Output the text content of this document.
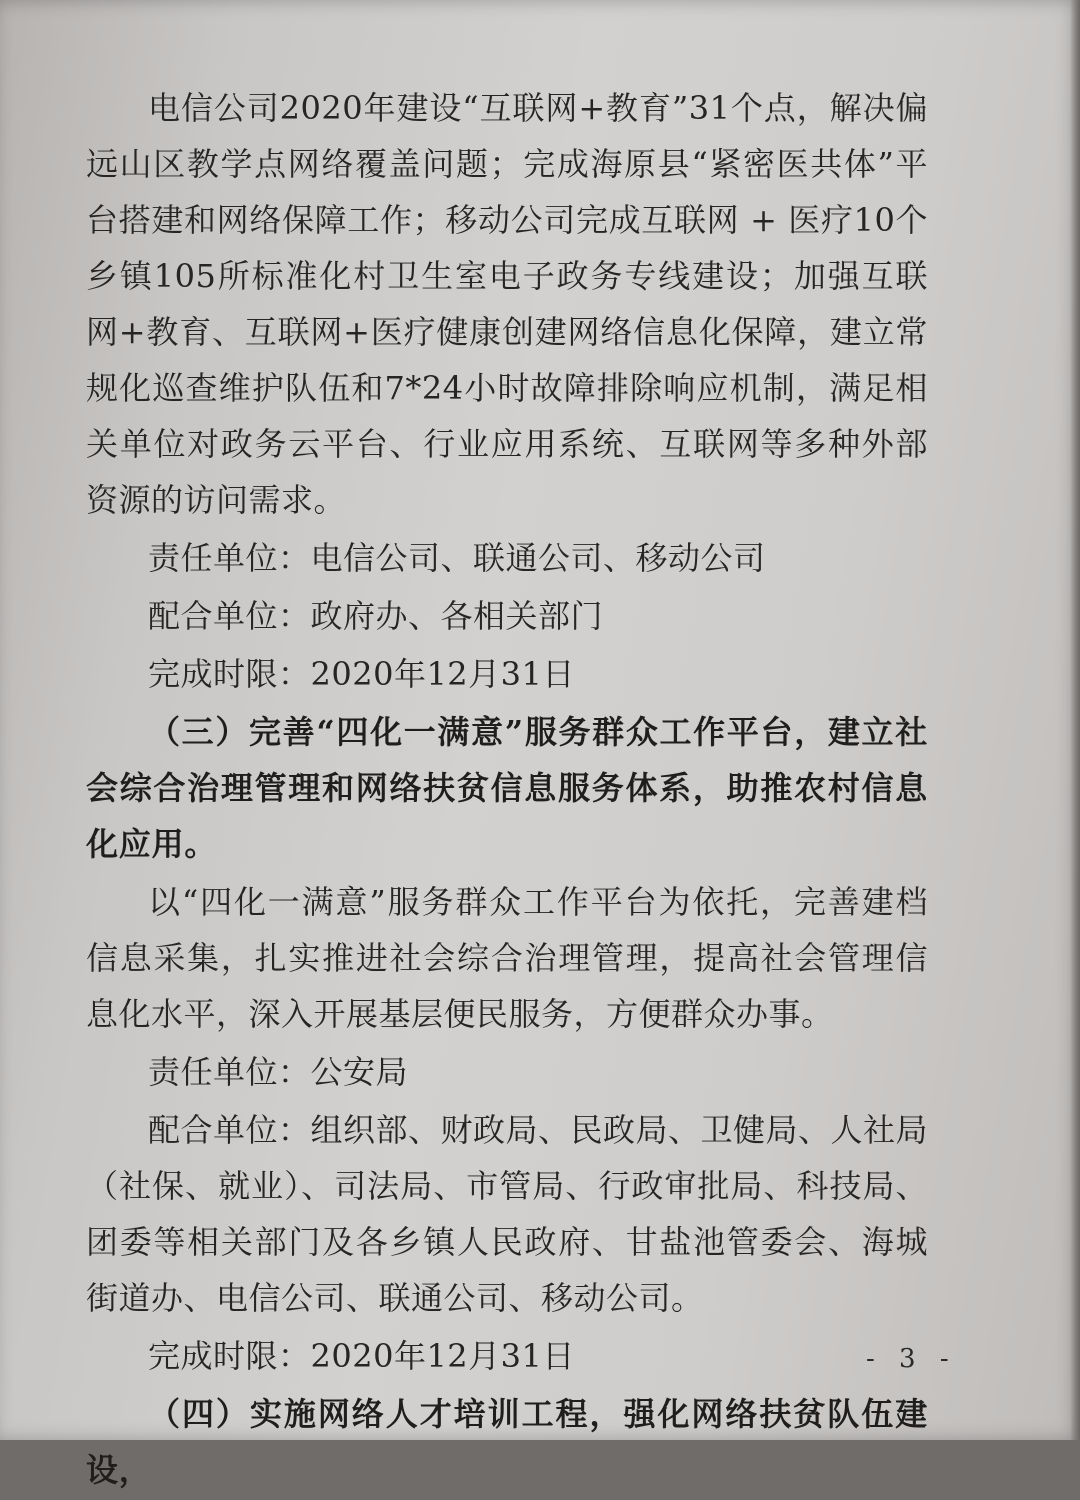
电信公司2020年建设“互联网+教育”31个点，解决偏远山区教学点网络覆盖问题；完成海原县“紧密医共体”平台搭建和网络保障工作；移动公司完成互联网 + 医疗10个乡镇105所标准化村卫生室电子政务专线建设；加强互联网+教育、互联网+医疗健康创建网络信息化保障，建立常规化巡查维护队伍和7*24小时故障排除响应机制，满足相关单位对政务云平台、行业应用系统、互联网等多种外部资源的访问需求。

责任单位：电信公司、联通公司、移动公司

配合单位：政府办、各相关部门

完成时限：2020年12月31日

（三）完善“四化一满意”服务群众工作平台，建立社会综合治理管理和网络扶贫信息服务体系，助推农村信息化应用。

以“四化一满意”服务群众工作平台为依托，完善建档信息采集，扎实推进社会综合治理管理，提高社会管理信息化水平，深入开展基层便民服务，方便群众办事。

责任单位：公安局

配合单位：组织部、财政局、民政局、卫健局、人社局（社保、就业）、司法局、市管局、行政审批局、科技局、团委等相关部门及各乡镇人民政府、甘盐池管委会、海城街道办、电信公司、联通公司、移动公司。

完成时限：2020年12月31日

（四）实施网络人才培训工程，强化网络扶贫队伍建设，

- 3 -
